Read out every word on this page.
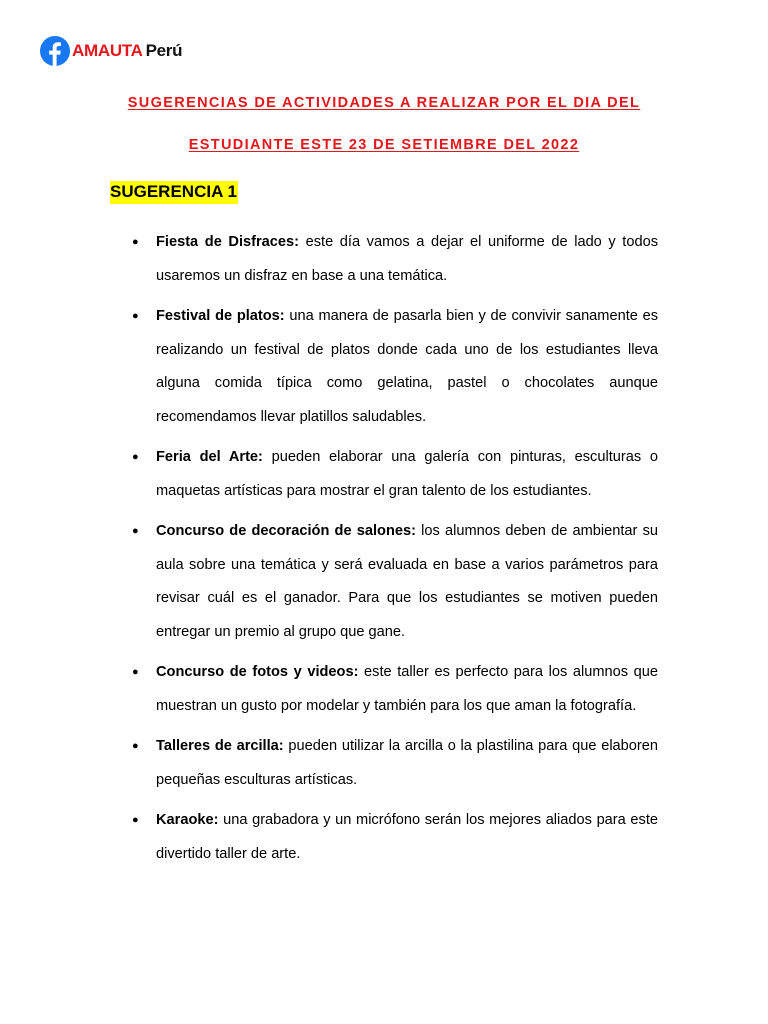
AMAUTA Perú
SUGERENCIAS DE ACTIVIDADES A REALIZAR POR EL DIA DEL
ESTUDIANTE ESTE 23 DE SETIEMBRE DEL 2022
SUGERENCIA 1
● Fiesta de Disfraces: este día vamos a dejar el uniforme de lado y todos usaremos un disfraz en base a una temática.
● Festival de platos: una manera de pasarla bien y de convivir sanamente es realizando un festival de platos donde cada uno de los estudiantes lleva alguna comida típica como gelatina, pastel o chocolates aunque recomendamos llevar platillos saludables.
● Feria del Arte: pueden elaborar una galería con pinturas, esculturas o maquetas artísticas para mostrar el gran talento de los estudiantes.
● Concurso de decoración de salones: los alumnos deben de ambientar su aula sobre una temática y será evaluada en base a varios parámetros para revisar cuál es el ganador. Para que los estudiantes se motiven pueden entregar un premio al grupo que gane.
● Concurso de fotos y videos: este taller es perfecto para los alumnos que muestran un gusto por modelar y también para los que aman la fotografía.
● Talleres de arcilla: pueden utilizar la arcilla o la plastilina para que elaboren pequeñas esculturas artísticas.
● Karaoke: una grabadora y un micrófono serán los mejores aliados para este divertido taller de arte.
